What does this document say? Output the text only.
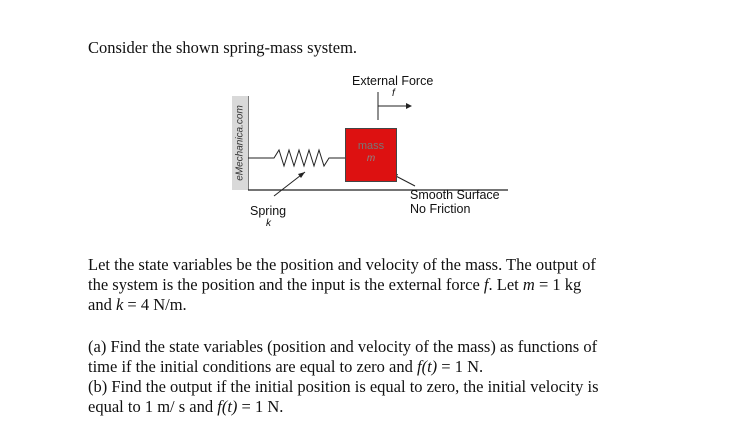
Consider the shown spring-mass system.
eMechanica.com	mass
m
External Force
f
Spring
k
Smooth Surface
No Friction
Let the state variables be the position and velocity of the mass. The output of
the system is the position and the input is the external force f. Let m = 1 kg
and k = 4 N/m.
(a) Find the state variables (position and velocity of the mass) as functions of
time if the initial conditions are equal to zero and f(t) = 1 N.
(b) Find the output if the initial position is equal to zero, the initial velocity is
equal to 1 m/ s and f(t) = 1 N.
